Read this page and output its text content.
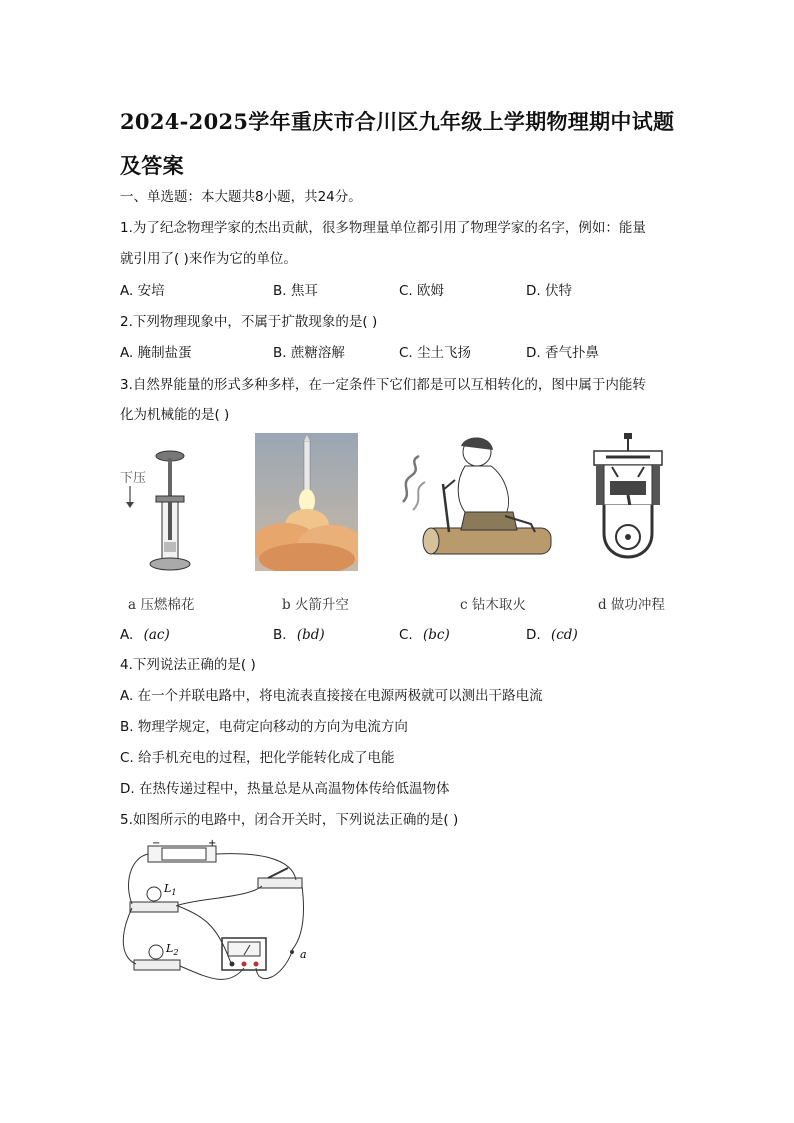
2024-2025学年重庆市合川区九年级上学期物理期中试题及答案
一、单选题：本大题共8小题，共24分。
1.为了纪念物理学家的杰出贡献，很多物理量单位都引用了物理学家的名字，例如：能量
就引用了( )来作为它的单位。
A. 安培	B. 焦耳	C. 欧姆	D. 伏特
2.下列物理现象中，不属于扩散现象的是( )
A. 腌制盐蛋	B. 蔗糖溶解	C. 尘土飞扬	D. 香气扑鼻
3.自然界能量的形式多种多样，在一定条件下它们都是可以互相转化的，图中属于内能转
化为机械能的是( )
下压
a 压燃棉花	b 火箭升空	c 钻木取火	d 做功冲程
A. (ac)	B. (bd)	C. (bc)	D. (cd)
4.下列说法正确的是( )
A. 在一个并联电路中，将电流表直接接在电源两极就可以测出干路电流
B. 物理学规定，电荷定向移动的方向为电流方向
C. 给手机充电的过程，把化学能转化成了电能
D. 在热传递过程中，热量总是从高温物体传给低温物体
5.如图所示的电路中，闭合开关时，下列说法正确的是( )
−	+
$L_1$
$L_2$	a
